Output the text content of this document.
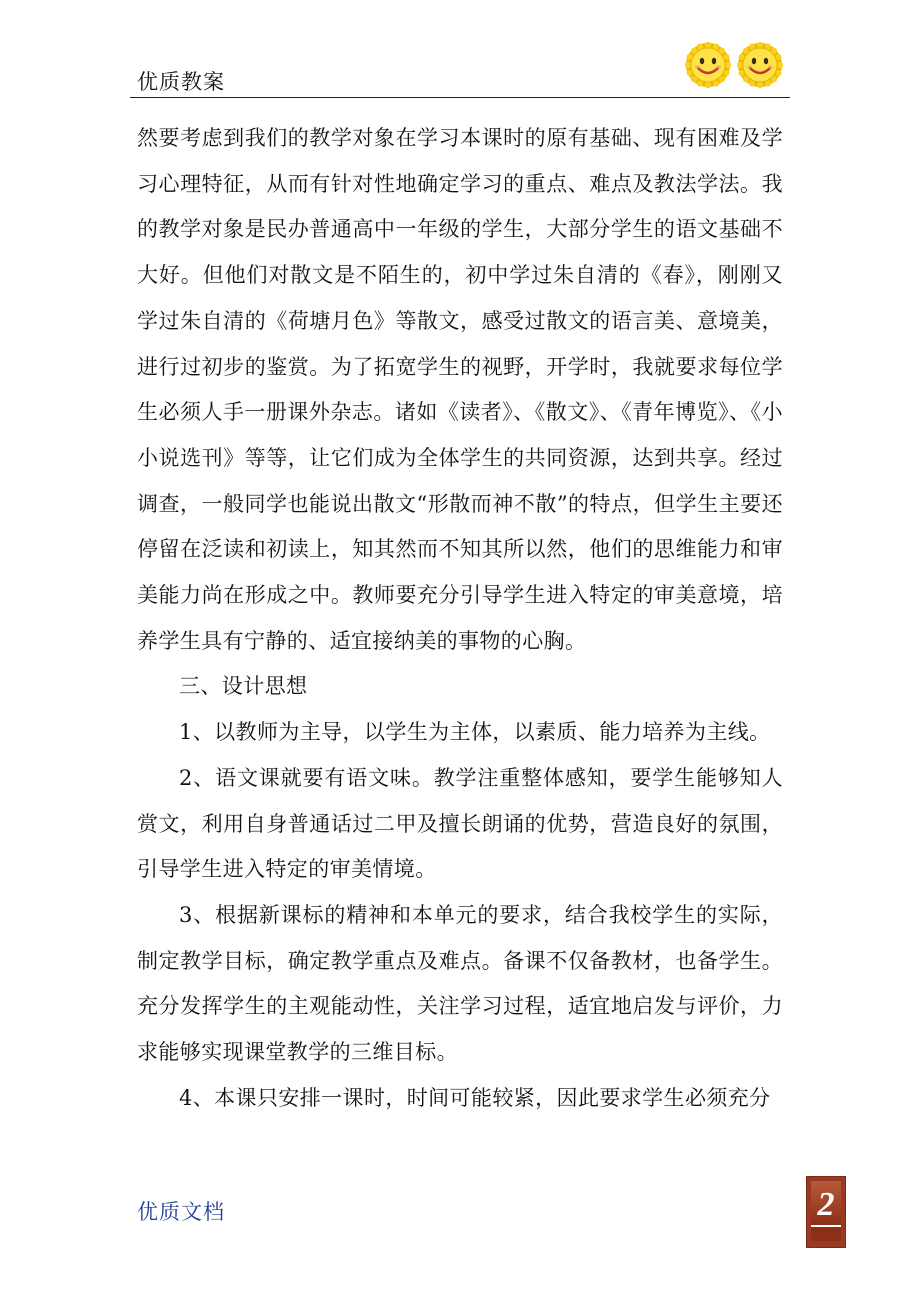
优质教案

然要考虑到我们的教学对象在学习本课时的原有基础、现有困难及学习心理特征，从而有针对性地确定学习的重点、难点及教法学法。我的教学对象是民办普通高中一年级的学生，大部分学生的语文基础不大好。但他们对散文是不陌生的，初中学过朱自清的《春》，刚刚又学过朱自清的《荷塘月色》等散文，感受过散文的语言美、意境美，进行过初步的鉴赏。为了拓宽学生的视野，开学时，我就要求每位学生必须人手一册课外杂志。诸如《读者》、《散文》、《青年博览》、《小小说选刊》等等，让它们成为全体学生的共同资源，达到共享。经过调查，一般同学也能说出散文“形散而神不散”的特点，但学生主要还停留在泛读和初读上，知其然而不知其所以然，他们的思维能力和审美能力尚在形成之中。教师要充分引导学生进入特定的审美意境，培养学生具有宁静的、适宜接纳美的事物的心胸。

三、设计思想

1、以教师为主导，以学生为主体，以素质、能力培养为主线。

2、语文课就要有语文味。教学注重整体感知，要学生能够知人赏文，利用自身普通话过二甲及擅长朗诵的优势，营造良好的氛围，引导学生进入特定的审美情境。

3、根据新课标的精神和本单元的要求，结合我校学生的实际，制定教学目标，确定教学重点及难点。备课不仅备教材，也备学生。充分发挥学生的主观能动性，关注学习过程，适宜地启发与评价，力求能够实现课堂教学的三维目标。

4、本课只安排一课时，时间可能较紧，因此要求学生必须充分

优质文档	2
